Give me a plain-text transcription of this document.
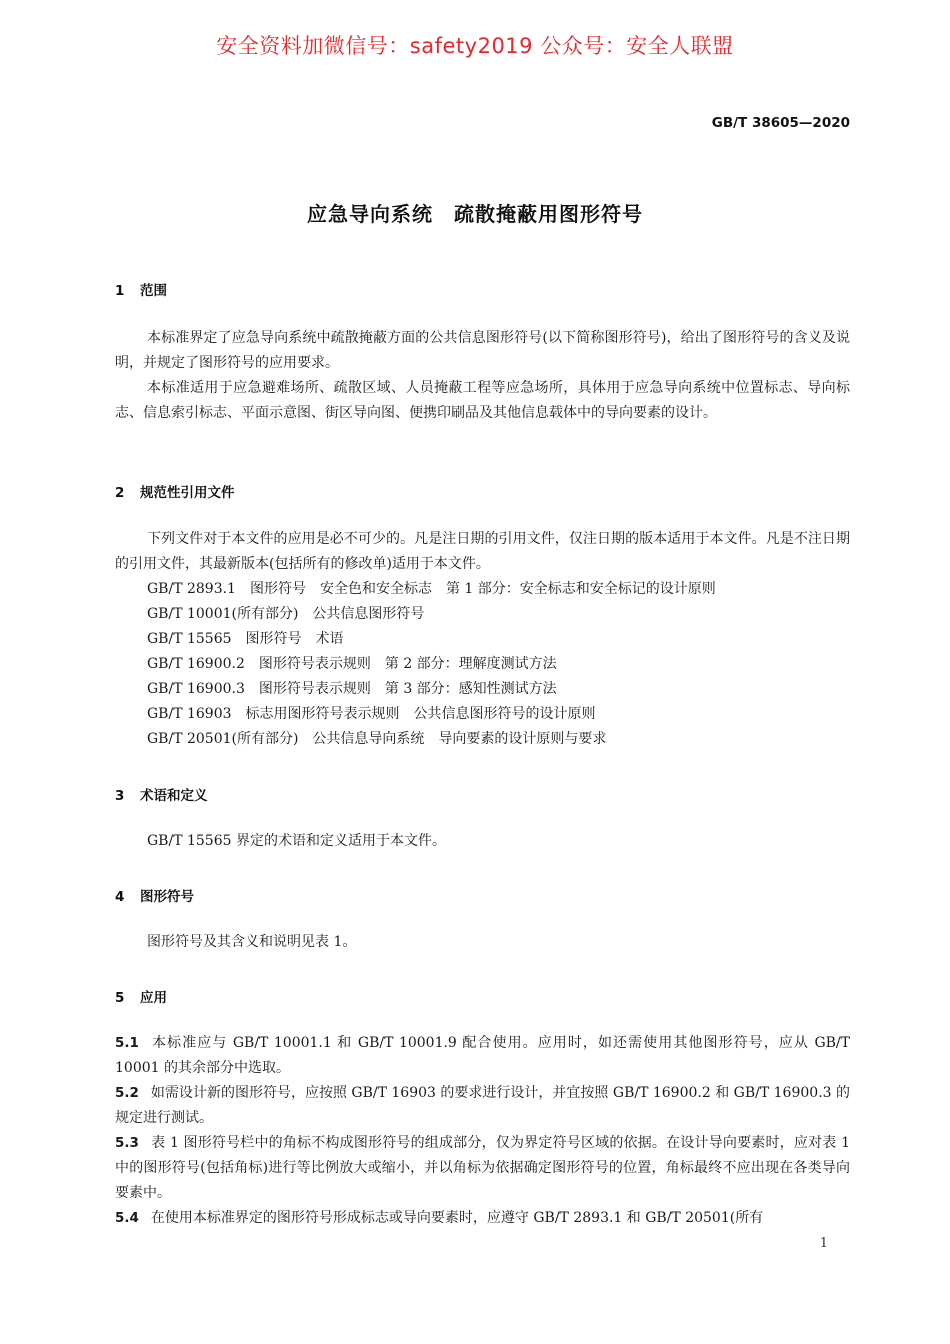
安全资料加微信号：safety2019 公众号：安全人联盟
GB/T 38605—2020
应急导向系统　疏散掩蔽用图形符号
1 范围
本标准界定了应急导向系统中疏散掩蔽方面的公共信息图形符号(以下简称图形符号)，给出了图形符号的含义及说明，并规定了图形符号的应用要求。
本标准适用于应急避难场所、疏散区域、人员掩蔽工程等应急场所，具体用于应急导向系统中位置标志、导向标志、信息索引标志、平面示意图、街区导向图、便携印刷品及其他信息载体中的导向要素的设计。
2 规范性引用文件
下列文件对于本文件的应用是必不可少的。凡是注日期的引用文件，仅注日期的版本适用于本文件。凡是不注日期的引用文件，其最新版本(包括所有的修改单)适用于本文件。
GB/T 2893.1　图形符号　安全色和安全标志　第 1 部分：安全标志和安全标记的设计原则
GB/T 10001(所有部分)　公共信息图形符号
GB/T 15565　图形符号　术语
GB/T 16900.2　图形符号表示规则　第 2 部分：理解度测试方法
GB/T 16900.3　图形符号表示规则　第 3 部分：感知性测试方法
GB/T 16903　标志用图形符号表示规则　公共信息图形符号的设计原则
GB/T 20501(所有部分)　公共信息导向系统　导向要素的设计原则与要求
3 术语和定义
GB/T 15565 界定的术语和定义适用于本文件。
4 图形符号
图形符号及其含义和说明见表 1。
5 应用
5.1 本标准应与 GB/T 10001.1 和 GB/T 10001.9 配合使用。应用时，如还需使用其他图形符号，应从 GB/T 10001 的其余部分中选取。
5.2 如需设计新的图形符号，应按照 GB/T 16903 的要求进行设计，并宜按照 GB/T 16900.2 和 GB/T 16900.3 的规定进行测试。
5.3 表 1 图形符号栏中的角标不构成图形符号的组成部分，仅为界定符号区域的依据。在设计导向要素时，应对表 1 中的图形符号(包括角标)进行等比例放大或缩小，并以角标为依据确定图形符号的位置，角标最终不应出现在各类导向要素中。
5.4 在使用本标准界定的图形符号形成标志或导向要素时，应遵守 GB/T 2893.1 和 GB/T 20501(所有
1
